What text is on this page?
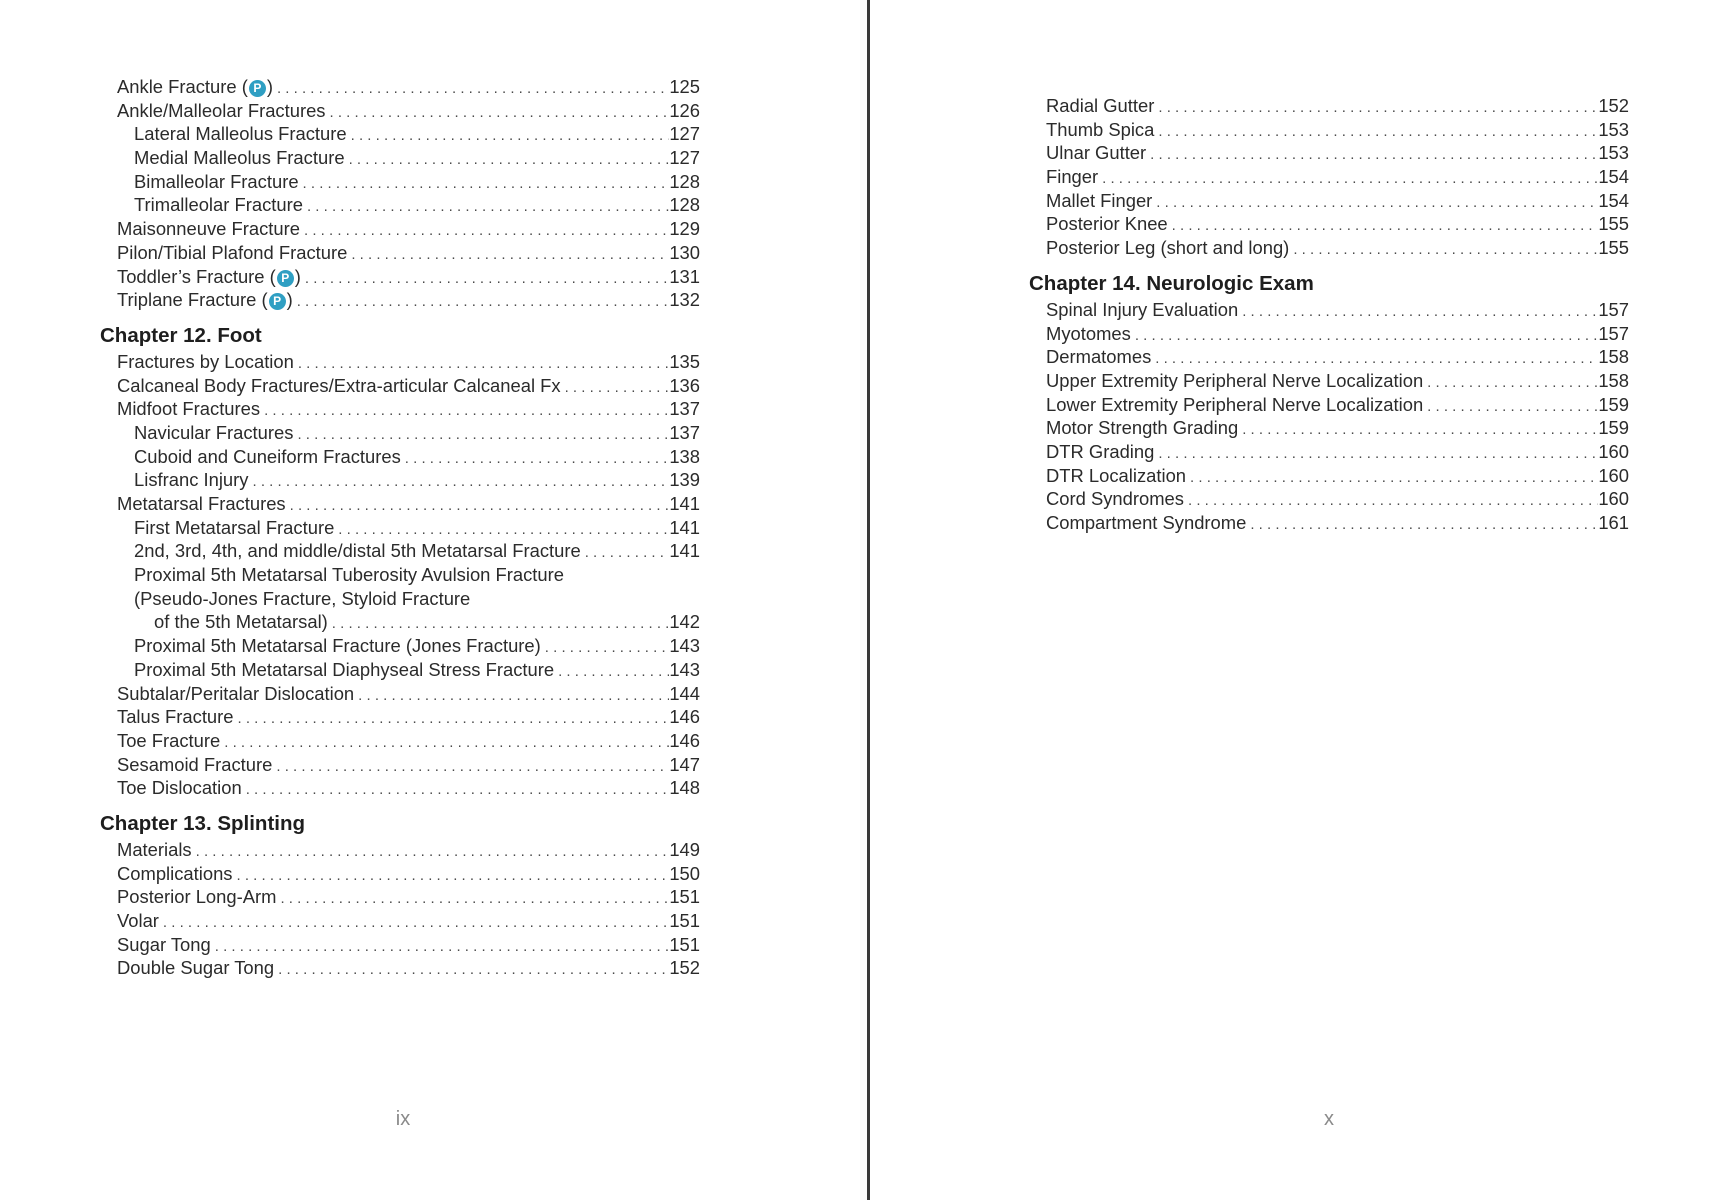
Ankle Fracture ( P ) . . .	125
Ankle/Malleolar Fractures . . .	126
Lateral Malleolus Fracture . . .	127
Medial Malleolus Fracture . . .	127
Bimalleolar Fracture . . .	128
Trimalleolar Fracture . . .	128
Maisonneuve Fracture . . .	129
Pilon/Tibial Plafond Fracture . . .	130
Toddler’s Fracture ( P ) . . .	131
Triplane Fracture ( P ) . . .	132
Chapter 12. Foot
Fractures by Location . . .	135
Calcaneal Body Fractures/Extra-articular Calcaneal Fx . . .	136
Midfoot Fractures . . .	137
Navicular Fractures . . .	137
Cuboid and Cuneiform Fractures . . .	138
Lisfranc Injury . . .	139
Metatarsal Fractures . . .	141
First Metatarsal Fracture . . .	141
2nd, 3rd, 4th, and middle/distal 5th Metatarsal Fracture . . .	141
Proximal 5th Metatarsal Tuberosity Avulsion Fracture
(Pseudo-Jones Fracture, Styloid Fracture
of the 5th Metatarsal) . . .	142
Proximal 5th Metatarsal Fracture (Jones Fracture) . . .	143
Proximal 5th Metatarsal Diaphyseal Stress Fracture . . .	143
Subtalar/Peritalar Dislocation . . .	144
Talus Fracture . . .	146
Toe Fracture . . .	146
Sesamoid Fracture . . .	147
Toe Dislocation . . .	148
Chapter 13. Splinting
Materials . . .	149
Complications . . .	150
Posterior Long-Arm . . .	151
Volar . . .	151
Sugar Tong . . .	151
Double Sugar Tong . . .	152
ix
Radial Gutter . . .	152
Thumb Spica . . .	153
Ulnar Gutter . . .	153
Finger . . .	154
Mallet Finger . . .	154
Posterior Knee . . .	155
Posterior Leg (short and long) . . .	155
Chapter 14. Neurologic Exam
Spinal Injury Evaluation . . .	157
Myotomes . . .	157
Dermatomes . . .	158
Upper Extremity Peripheral Nerve Localization . . .	158
Lower Extremity Peripheral Nerve Localization . . .	159
Motor Strength Grading . . .	159
DTR Grading . . .	160
DTR Localization . . .	160
Cord Syndromes . . .	160
Compartment Syndrome . . .	161
x
